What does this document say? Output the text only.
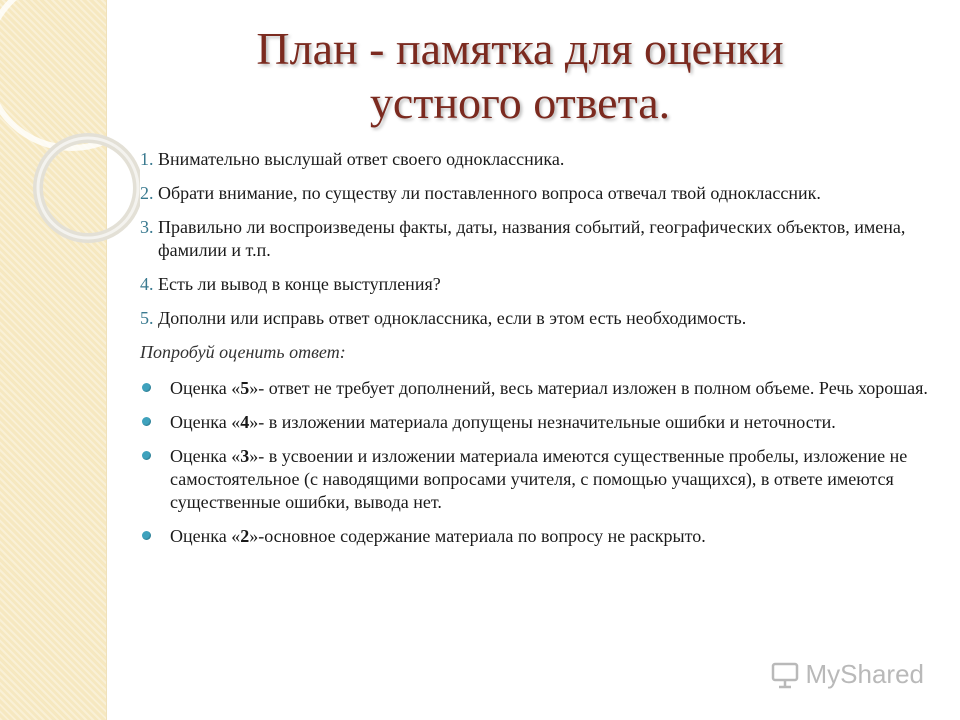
План - памятка для оценки
устного ответа.
1. Внимательно выслушай ответ своего одноклассника.
2. Обрати внимание, по существу ли поставленного вопроса отвечал твой одноклассник.
3. Правильно ли воспроизведены факты, даты, названия событий, географических объектов, имена, фамилии и т.п.
4. Есть ли вывод в конце выступления?
5. Дополни или исправь ответ одноклассника, если в этом есть необходимость.
Попробуй оценить ответ:
Оценка «5»- ответ не требует дополнений, весь материал изложен в полном объеме. Речь хорошая.
Оценка «4»- в изложении материала допущены незначительные ошибки и неточности.
Оценка «3»- в усвоении и изложении материала имеются существенные пробелы, изложение не самостоятельное (с наводящими вопросами учителя, с помощью учащихся), в ответе имеются существенные ошибки, вывода нет.
Оценка «2»-основное содержание материала по вопросу не раскрыто.
MyShared
